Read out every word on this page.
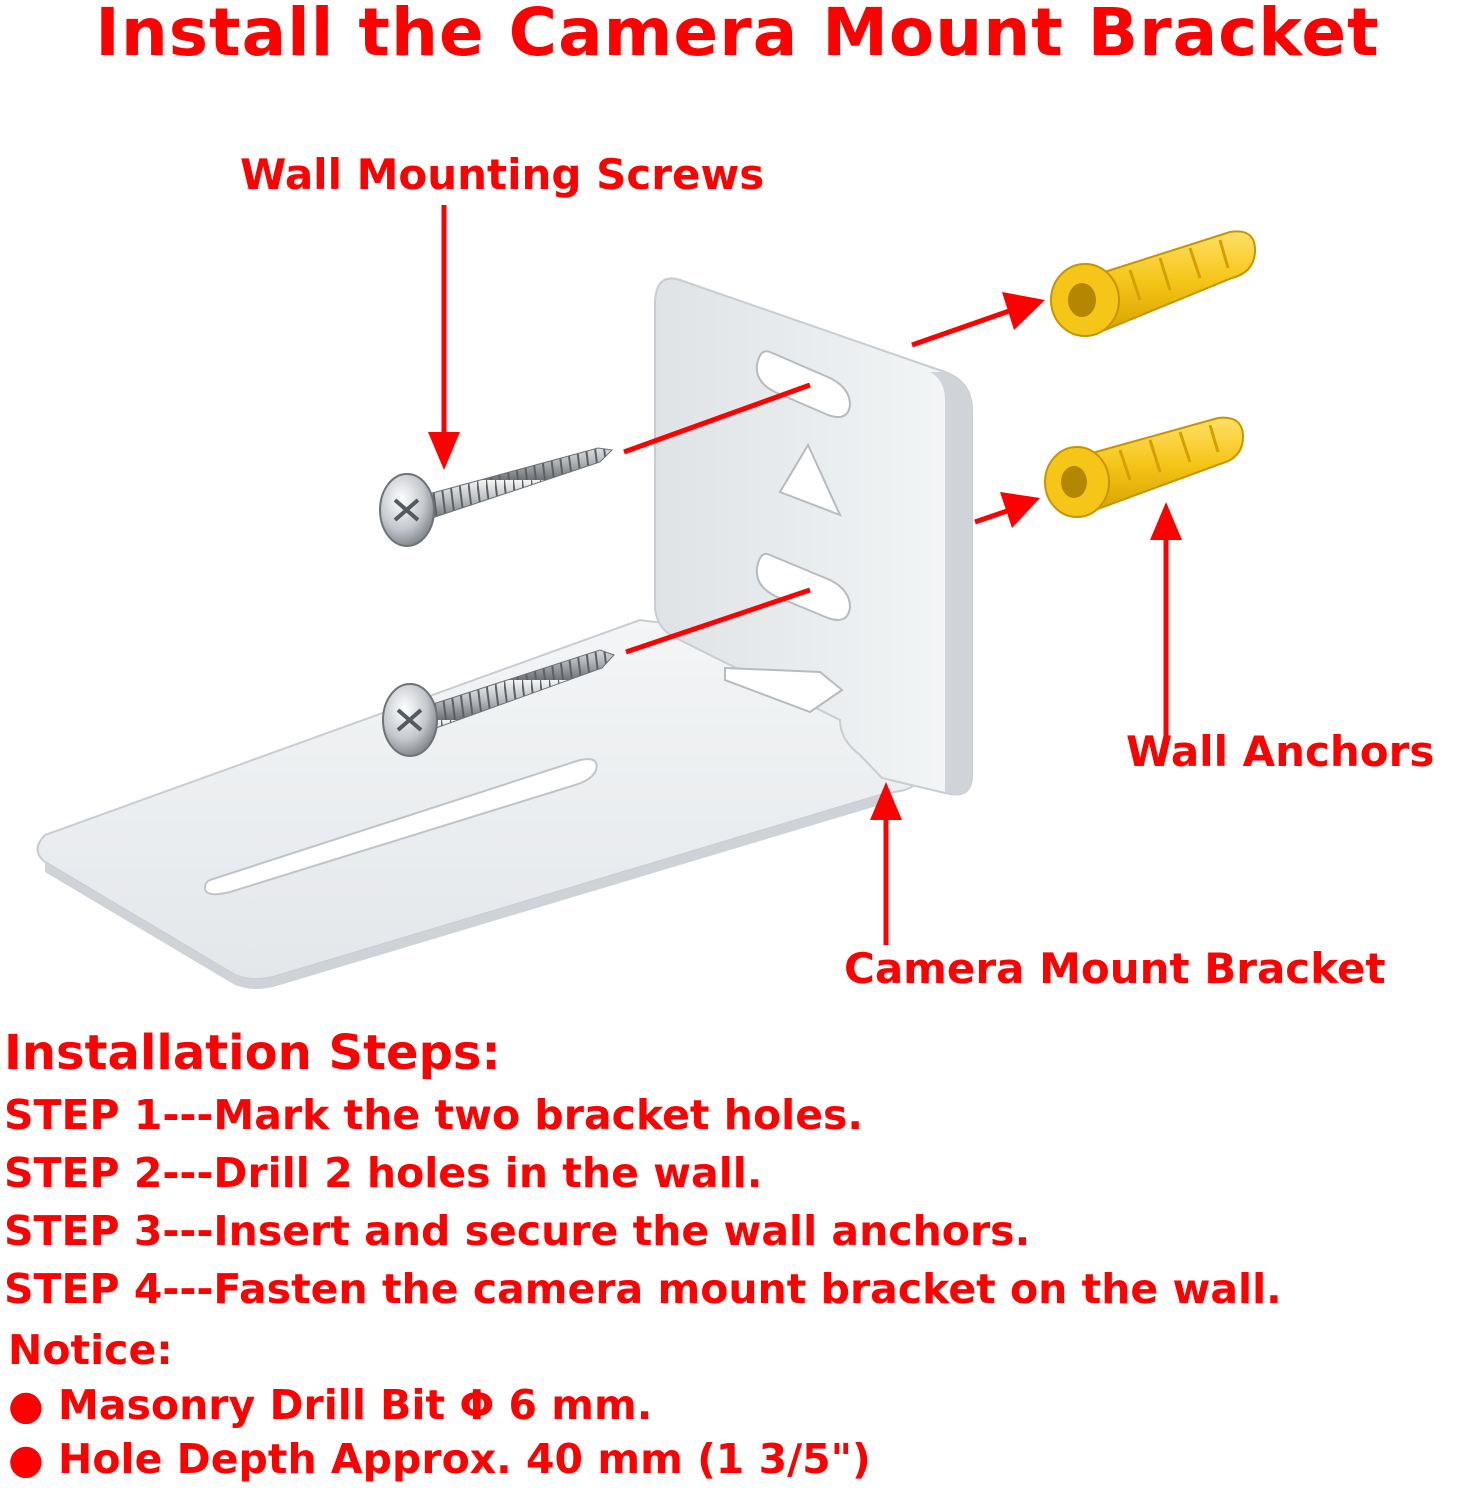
Install the Camera Mount Bracket
Wall Mounting Screws
Wall Anchors
Camera Mount Bracket
Installation Steps:
STEP 1---Mark the two bracket holes.
STEP 2---Drill 2 holes in the wall.
STEP 3---Insert and secure the wall anchors.
STEP 4---Fasten the camera mount bracket on the wall.
Notice:
● Masonry Drill Bit Φ 6 mm.
● Hole Depth Approx. 40 mm (1 3/5")
